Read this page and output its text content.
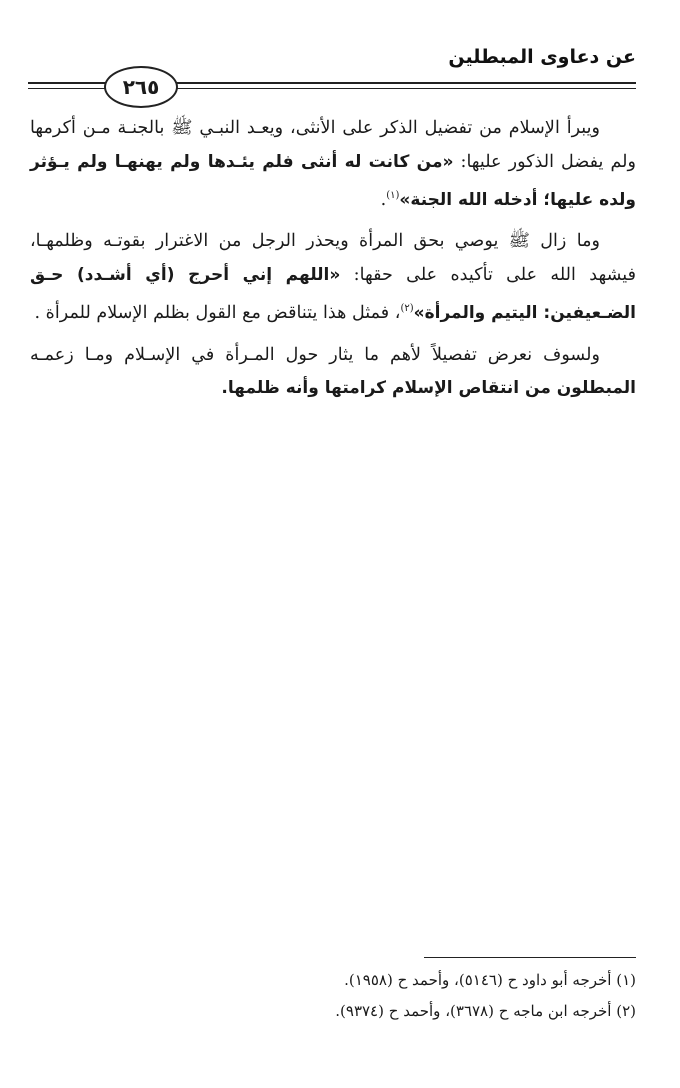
عن دعاوى المبطلين
٢٦٥

ويبرأ الإسلام من تفضيل الذكر على الأنثى، ويعـد النبـي ﷺ بالجنـة مـن أكرمها ولم يفضل الذكور عليها: «من كانت له أنثى فلم يئـدها ولم يهنهـا ولم يـؤثر ولده عليها؛ أدخله الله الجنة»$^{(١)}$.

وما زال ﷺ يوصي بحق المرأة ويحذر الرجل من الاغترار بقوتـه وظلمهـا، فيشهد الله على تأكيده على حقها: «اللهم إني أحرج (أي أشـدد) حـق الضـعيفين: اليتيم والمرأة»$^{(٢)}$، فمثل هذا يتناقض مع القول بظلم الإسلام للمرأة .

ولسوف نعرض تفصيلاً لأهم ما يثار حول المـرأة في الإسـلام ومـا زعمـه المبطلون من انتقاص الإسلام كرامتها وأنه ظلمها.

(١) أخرجه أبو داود ح (٥١٤٦)، وأحمد ح (١٩٥٨).
(٢) أخرجه ابن ماجه ح (٣٦٧٨)، وأحمد ح (٩٣٧٤).
